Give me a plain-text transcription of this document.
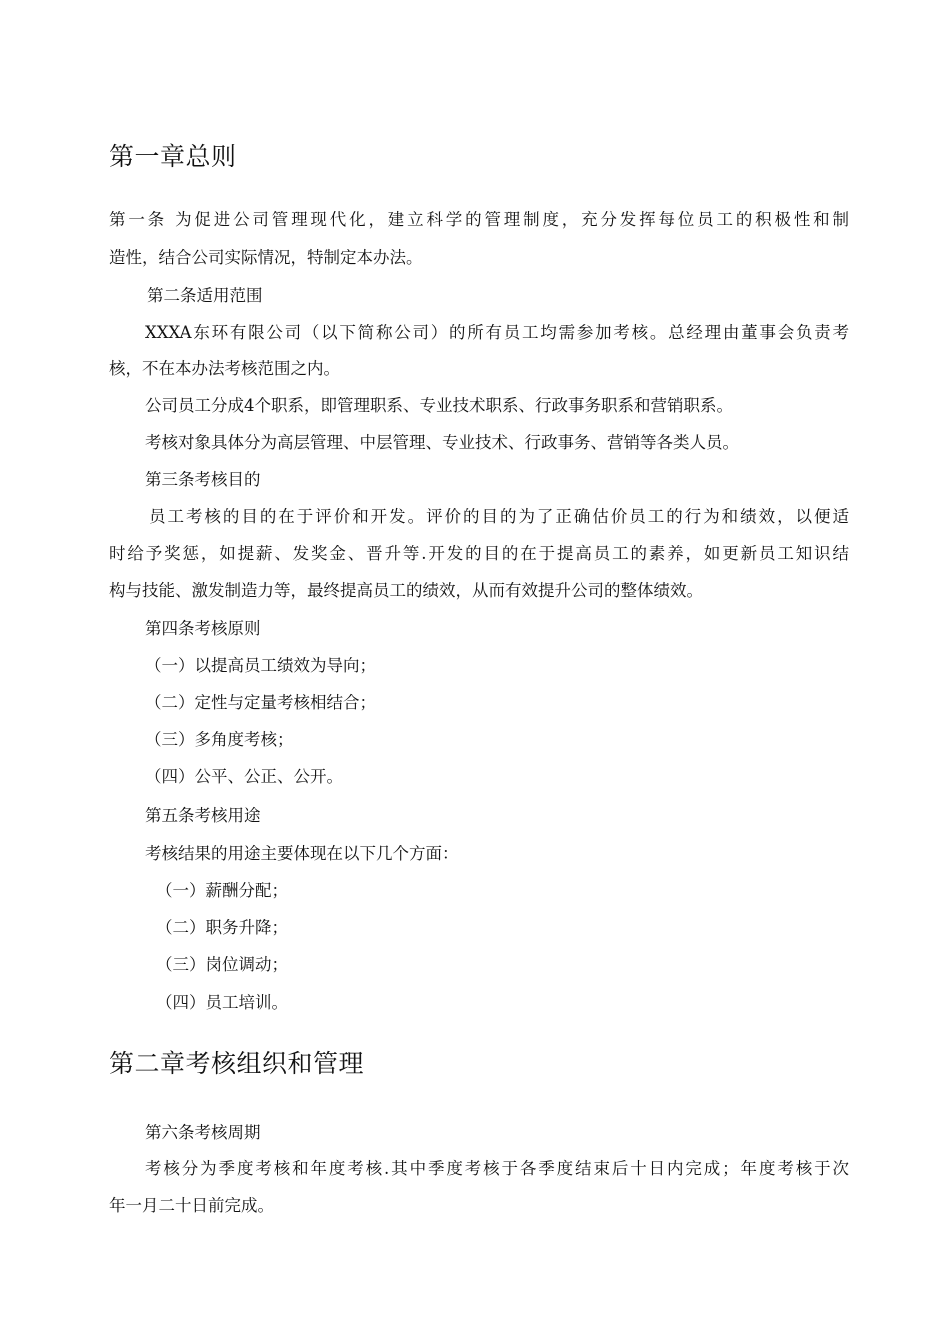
第一章总则
第一条 为促进公司管理现代化，建立科学的管理制度，充分发挥每位员工的积极性和制
造性，结合公司实际情况，特制定本办法。
第二条适用范围
XXXA东环有限公司（以下简称公司）的所有员工均需参加考核。总经理由董事会负责考
核，不在本办法考核范围之内。
公司员工分成4个职系，即管理职系、专业技术职系、行政事务职系和营销职系。
考核对象具体分为高层管理、中层管理、专业技术、行政事务、营销等各类人员。
第三条考核目的
员工考核的目的在于评价和开发。评价的目的为了正确估价员工的行为和绩效，以便适
时给予奖惩，如提薪、发奖金、晋升等.开发的目的在于提高员工的素养，如更新员工知识结
构与技能、激发制造力等，最终提高员工的绩效，从而有效提升公司的整体绩效。
第四条考核原则
（一）以提高员工绩效为导向；
（二）定性与定量考核相结合；
（三）多角度考核；
（四）公平、公正、公开。
第五条考核用途
考核结果的用途主要体现在以下几个方面：
（一）薪酬分配；
（二）职务升降；
（三）岗位调动；
（四）员工培训。
第二章考核组织和管理
第六条考核周期
考核分为季度考核和年度考核.其中季度考核于各季度结束后十日内完成；年度考核于次
年一月二十日前完成。
